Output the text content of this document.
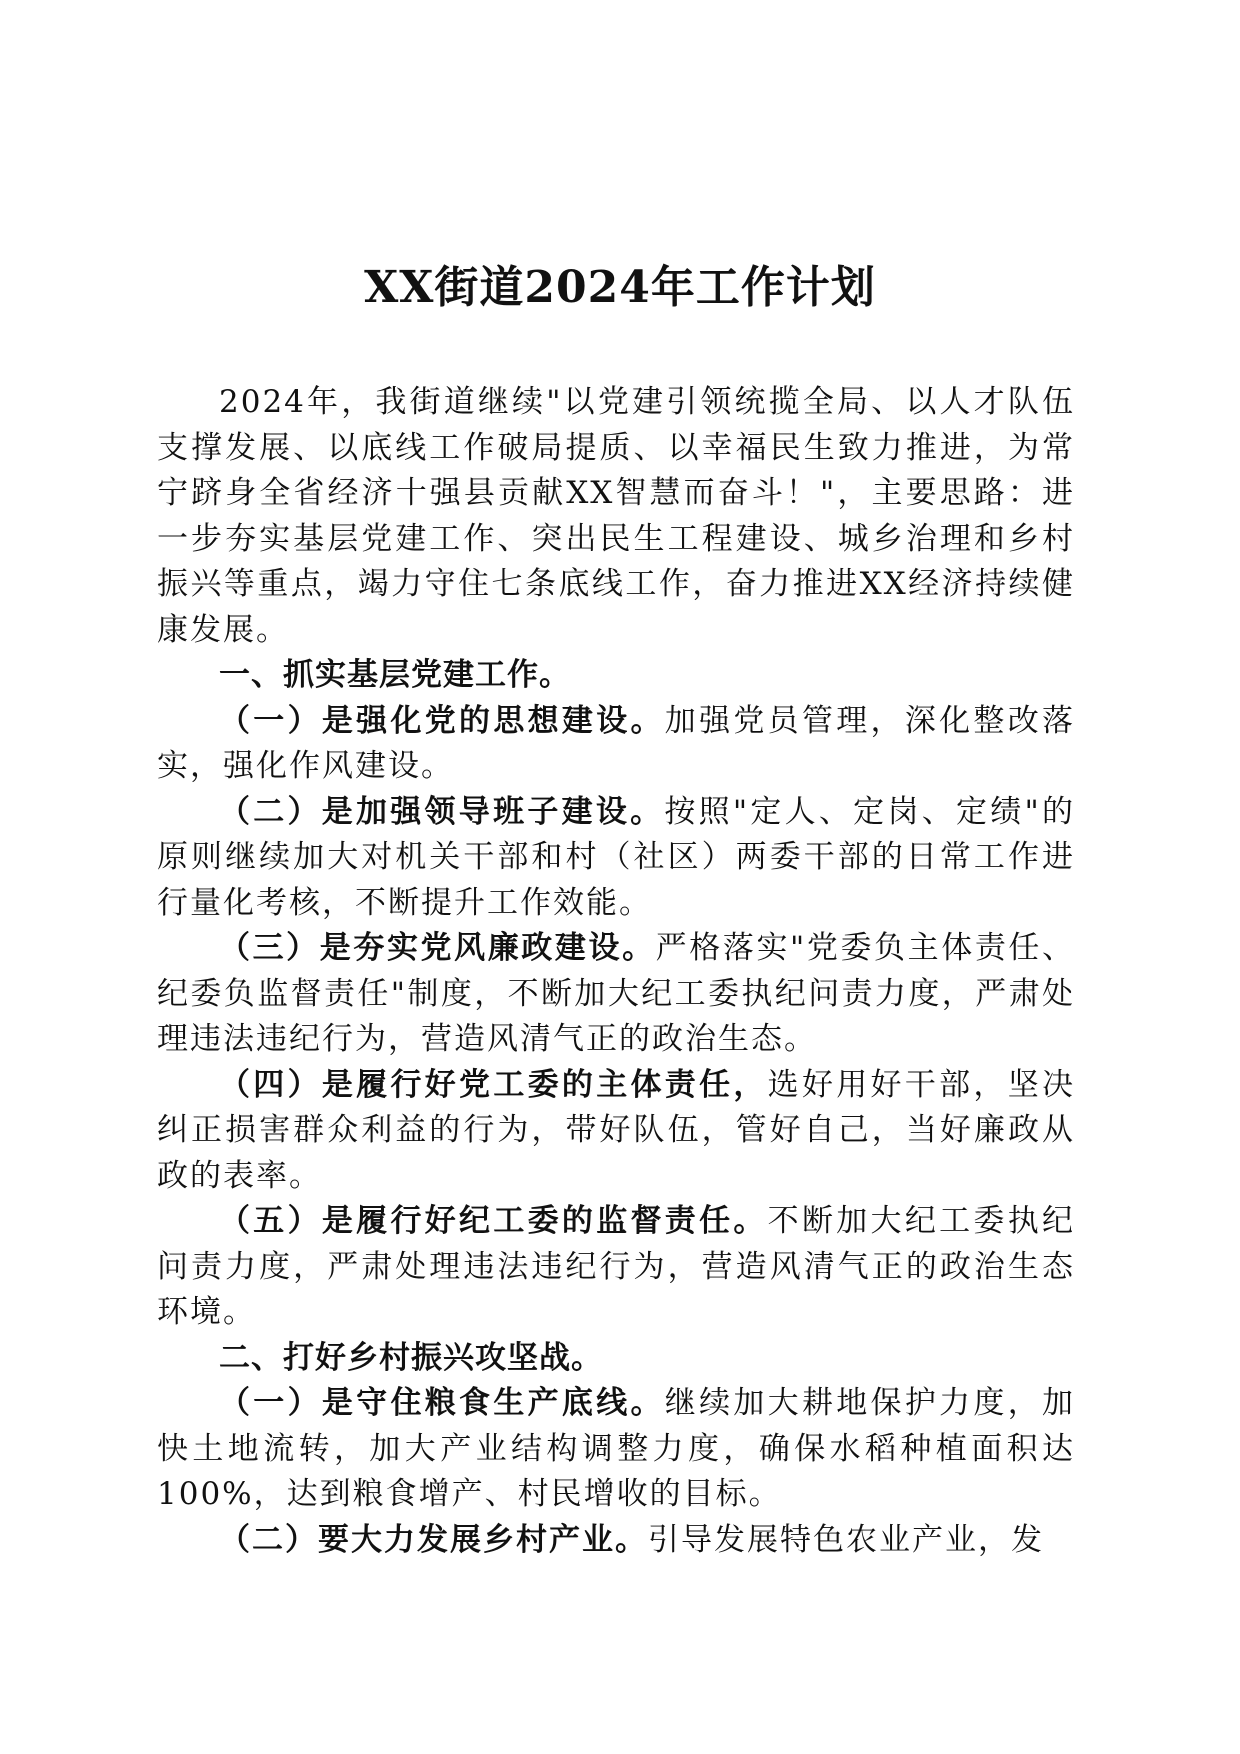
XX街道2024年工作计划

2024年，我街道继续"以党建引领统揽全局、以人才队伍支撑发展、以底线工作破局提质、以幸福民生致力推进，为常宁跻身全省经济十强县贡献XX智慧而奋斗！"，主要思路：进一步夯实基层党建工作、突出民生工程建设、城乡治理和乡村振兴等重点，竭力守住七条底线工作，奋力推进XX经济持续健康发展。

一、抓实基层党建工作。

（一）是强化党的思想建设。加强党员管理，深化整改落实，强化作风建设。

（二）是加强领导班子建设。按照"定人、定岗、定绩"的原则继续加大对机关干部和村（社区）两委干部的日常工作进行量化考核，不断提升工作效能。

（三）是夯实党风廉政建设。严格落实"党委负主体责任、纪委负监督责任"制度，不断加大纪工委执纪问责力度，严肃处理违法违纪行为，营造风清气正的政治生态。

（四）是履行好党工委的主体责任，选好用好干部，坚决纠正损害群众利益的行为，带好队伍，管好自己，当好廉政从政的表率。

（五）是履行好纪工委的监督责任。不断加大纪工委执纪问责力度，严肃处理违法违纪行为，营造风清气正的政治生态环境。

二、打好乡村振兴攻坚战。

（一）是守住粮食生产底线。继续加大耕地保护力度，加快土地流转，加大产业结构调整力度，确保水稻种植面积达100%，达到粮食增产、村民增收的目标。

（二）要大力发展乡村产业。引导发展特色农业产业，发
